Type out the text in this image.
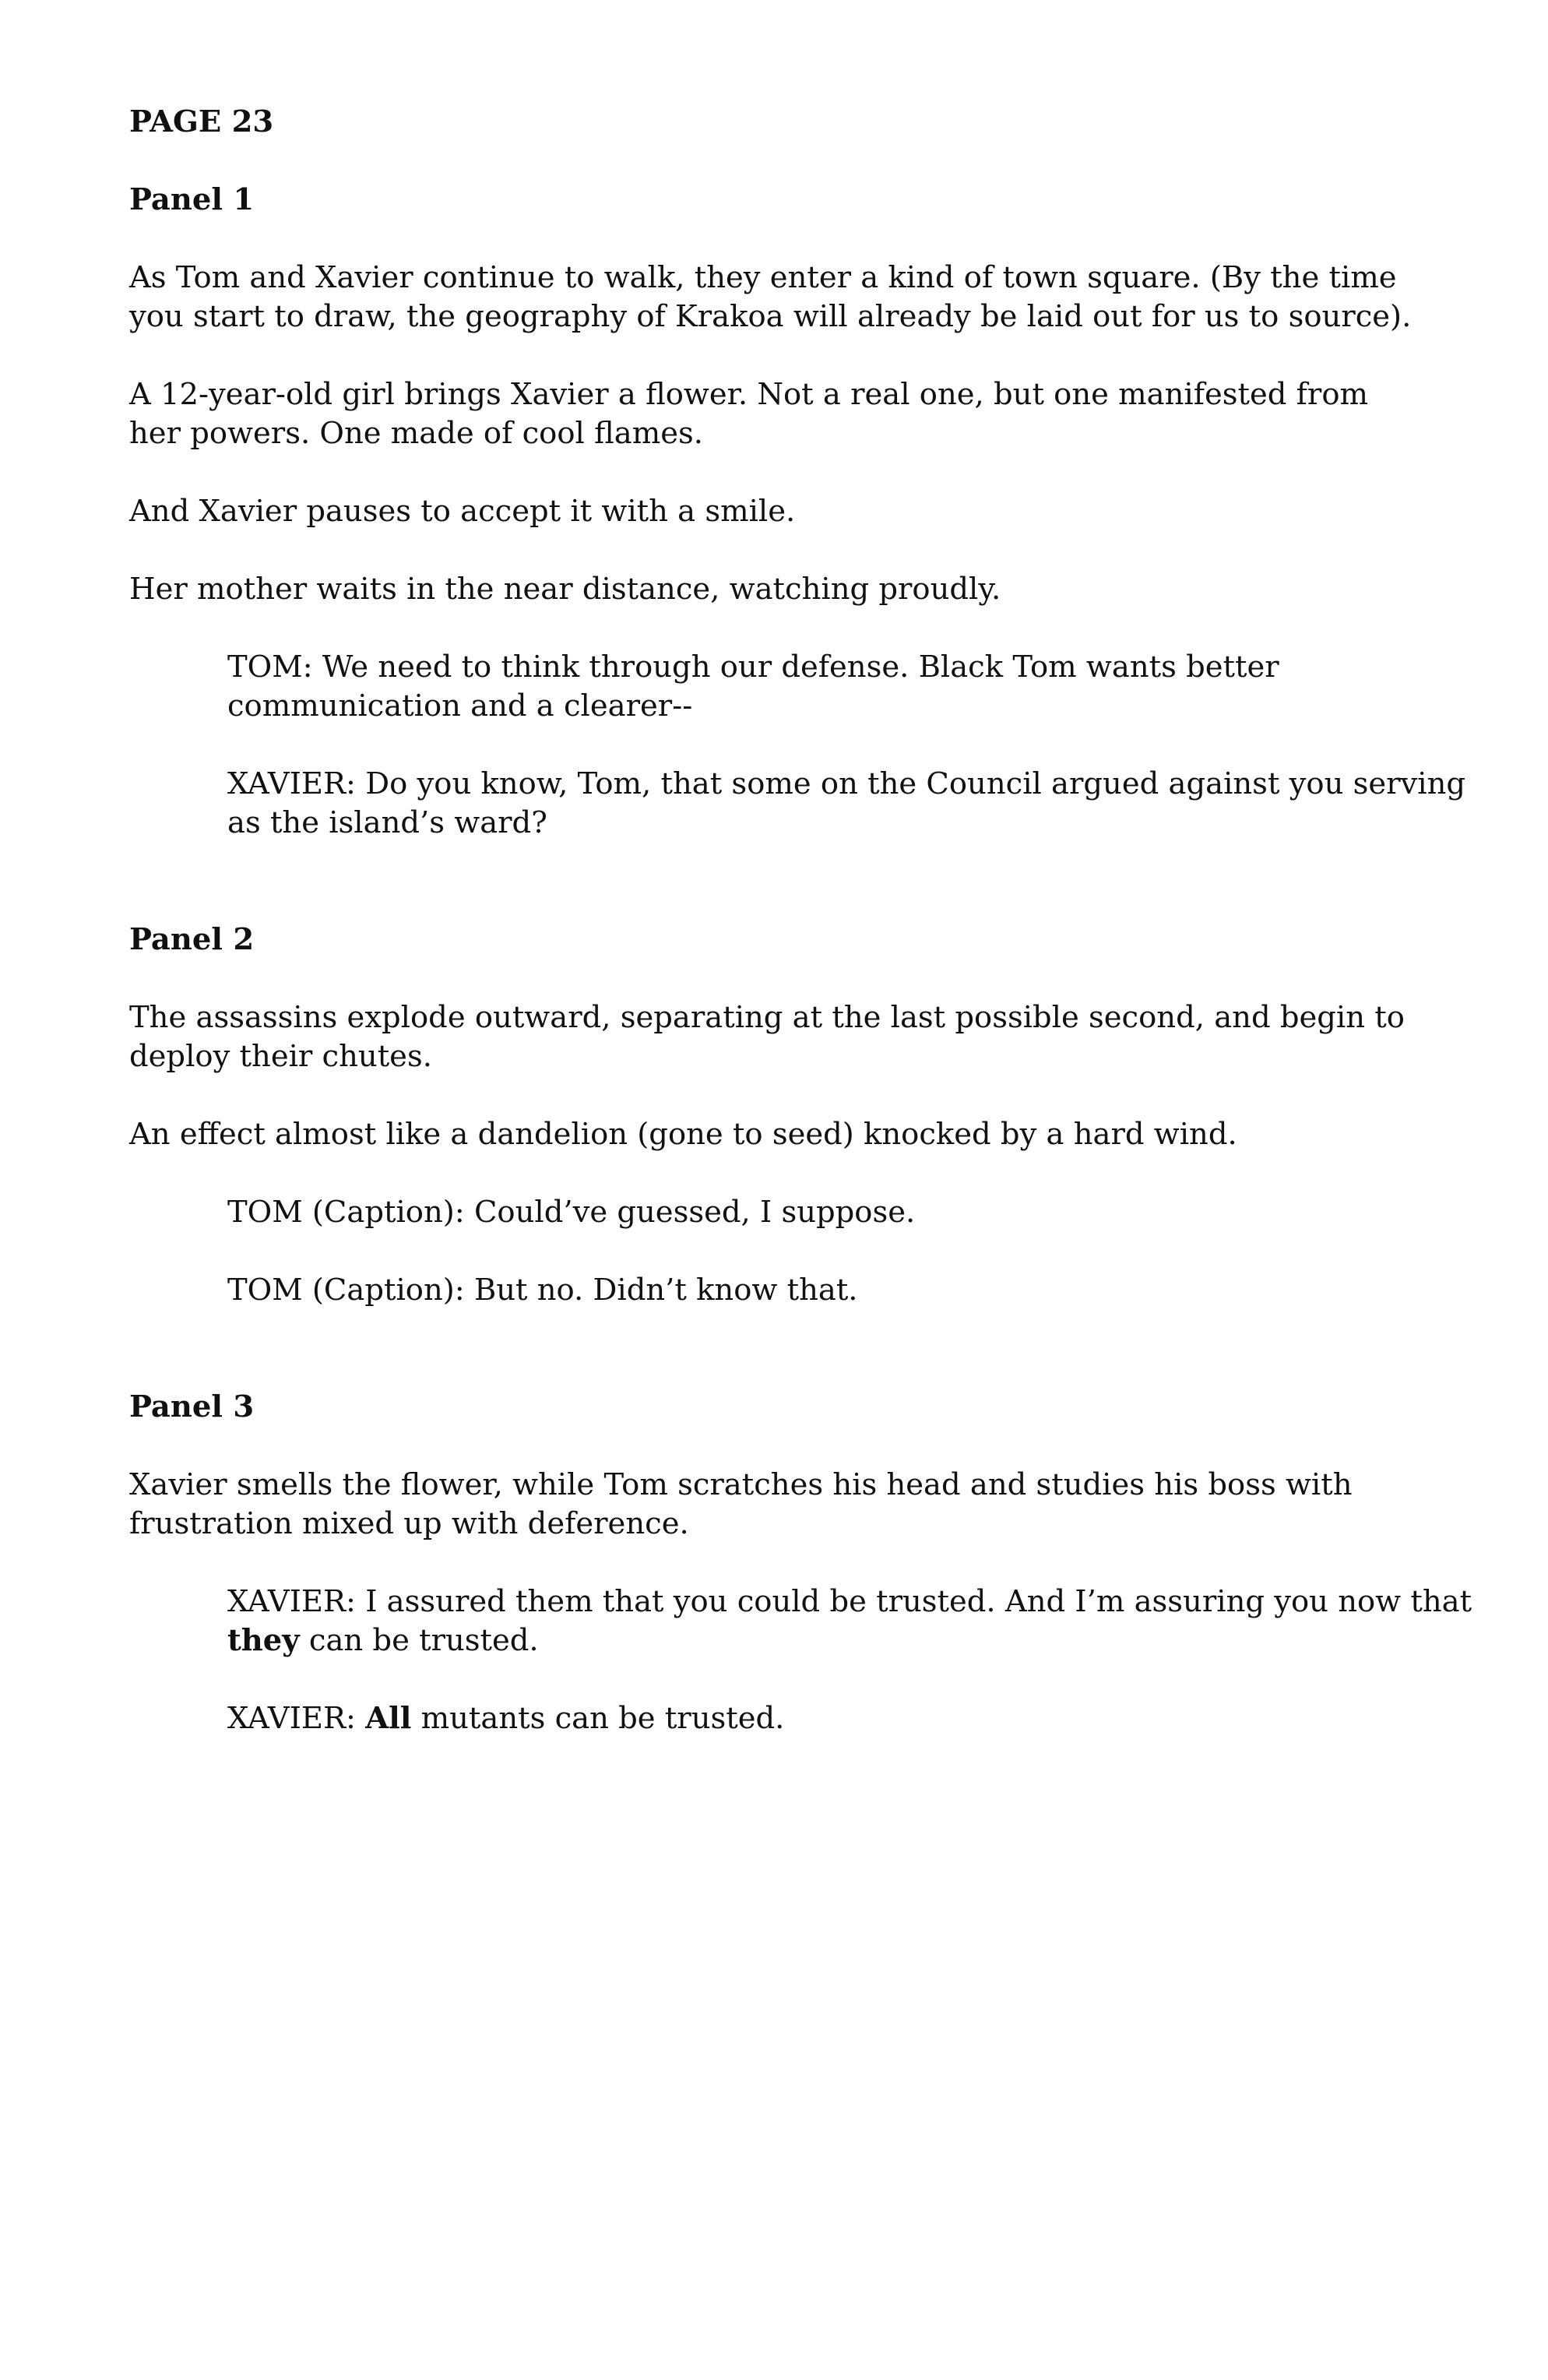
PAGE 23
Panel 1

As Tom and Xavier continue to walk, they enter a kind of town square. (By the time you start to draw, the geography of Krakoa will already be laid out for us to source).

A 12-year-old girl brings Xavier a flower. Not a real one, but one manifested from her powers. One made of cool flames.

And Xavier pauses to accept it with a smile.

Her mother waits in the near distance, watching proudly.

TOM: We need to think through our defense. Black Tom wants better communication and a clearer--

XAVIER: Do you know, Tom, that some on the Council argued against you serving as the island’s ward?

Panel 2

The assassins explode outward, separating at the last possible second, and begin to deploy their chutes.

An effect almost like a dandelion (gone to seed) knocked by a hard wind.

TOM (Caption): Could’ve guessed, I suppose.

TOM (Caption): But no. Didn’t know that.

Panel 3

Xavier smells the flower, while Tom scratches his head and studies his boss with frustration mixed up with deference.

XAVIER: I assured them that you could be trusted. And I’m assuring you now that they can be trusted.

XAVIER: All mutants can be trusted.
